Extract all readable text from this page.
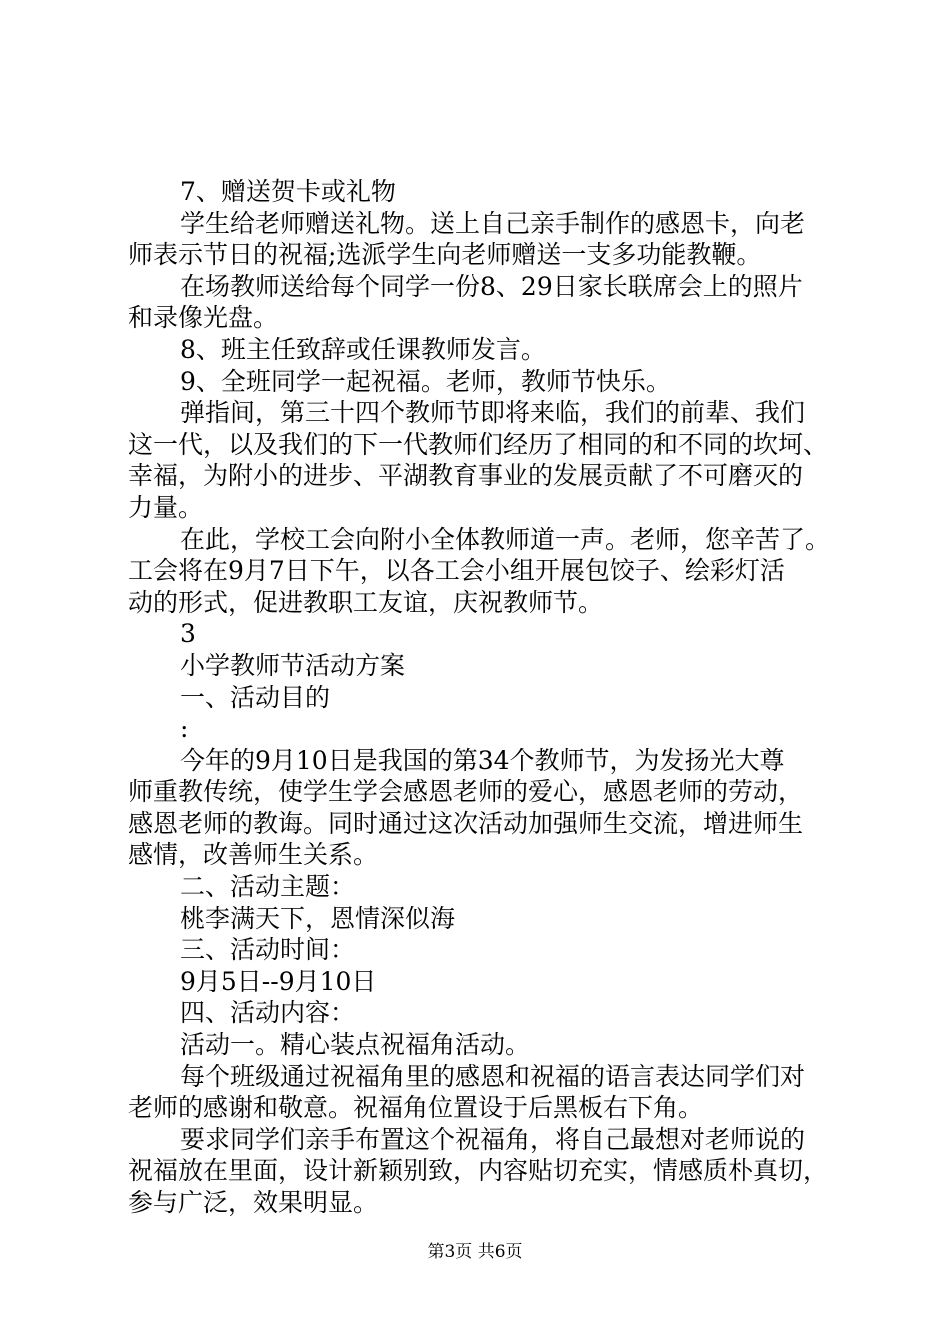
7、赠送贺卡或礼物
学生给老师赠送礼物。送上自己亲手制作的感恩卡，向老
师表示节日的祝福;选派学生向老师赠送一支多功能教鞭。
在场教师送给每个同学一份8、29日家长联席会上的照片
和录像光盘。
8、班主任致辞或任课教师发言。
9、全班同学一起祝福。老师，教师节快乐。
弹指间，第三十四个教师节即将来临，我们的前辈、我们
这一代，以及我们的下一代教师们经历了相同的和不同的坎坷、
幸福，为附小的进步、平湖教育事业的发展贡献了不可磨灭的
力量。
在此，学校工会向附小全体教师道一声。老师，您辛苦了。
工会将在9月7日下午，以各工会小组开展包饺子、绘彩灯活
动的形式，促进教职工友谊，庆祝教师节。
3
小学教师节活动方案
一、活动目的
:
今年的9月10日是我国的第34个教师节，为发扬光大尊
师重教传统，使学生学会感恩老师的爱心，感恩老师的劳动，
感恩老师的教诲。同时通过这次活动加强师生交流，增进师生
感情，改善师生关系。
二、活动主题：
桃李满天下，恩情深似海
三、活动时间：
9月5日--9月10日
四、活动内容：
活动一。精心装点祝福角活动。
每个班级通过祝福角里的感恩和祝福的语言表达同学们对
老师的感谢和敬意。祝福角位置设于后黑板右下角。
要求同学们亲手布置这个祝福角，将自己最想对老师说的
祝福放在里面，设计新颖别致，内容贴切充实，情感质朴真切，
参与广泛，效果明显。
第3页 共6页
